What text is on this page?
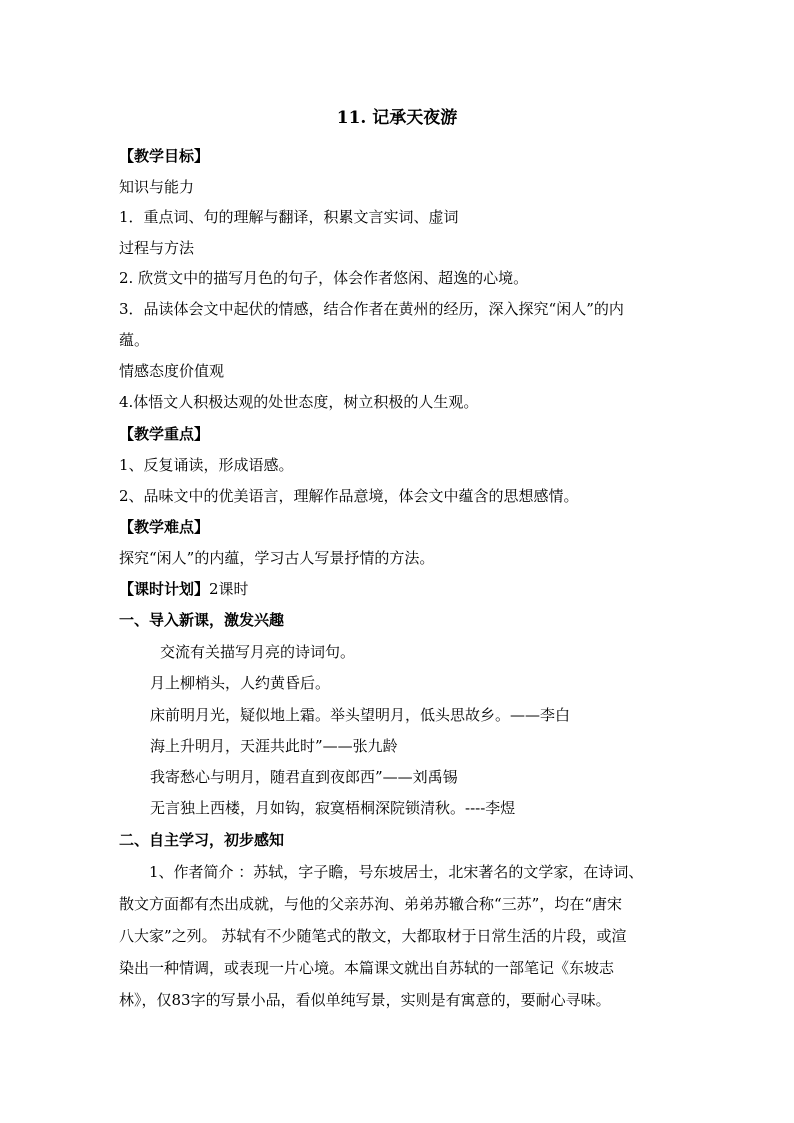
11. 记承天夜游
【教学目标】
知识与能力
1．重点词、句的理解与翻译，积累文言实词、虚词
过程与方法
2. 欣赏文中的描写月色的句子，体会作者悠闲、超逸的心境。
3．品读体会文中起伏的情感，结合作者在黄州的经历，深入探究“闲人”的内
蕴。
情感态度价值观
4.体悟文人积极达观的处世态度，树立积极的人生观。
【教学重点】
1、反复诵读，形成语感。
2、品味文中的优美语言，理解作品意境，体会文中蕴含的思想感情。
【教学难点】
探究“闲人”的内蕴，学习古人写景抒情的方法。
【课时计划】2课时
一、导入新课，激发兴趣
交流有关描写月亮的诗词句。
月上柳梢头，人约黄昏后。
床前明月光，疑似地上霜。举头望明月，低头思故乡。——李白
海上升明月，天涯共此时”——张九龄
我寄愁心与明月，随君直到夜郎西”——刘禹锡
无言独上西楼，月如钩，寂寞梧桐深院锁清秋。----李煜
二、自主学习，初步感知
1、作者简介 ：苏轼，字子瞻，号东坡居士，北宋著名的文学家，在诗词、
散文方面都有杰出成就，与他的父亲苏洵、弟弟苏辙合称“三苏”，均在“唐宋
八大家”之列。 苏轼有不少随笔式的散文，大都取材于日常生活的片段，或渲
染出一种情调，或表现一片心境。本篇课文就出自苏轼的一部笔记《东坡志
林》，仅83字的写景小品，看似单纯写景，实则是有寓意的，要耐心寻味。
